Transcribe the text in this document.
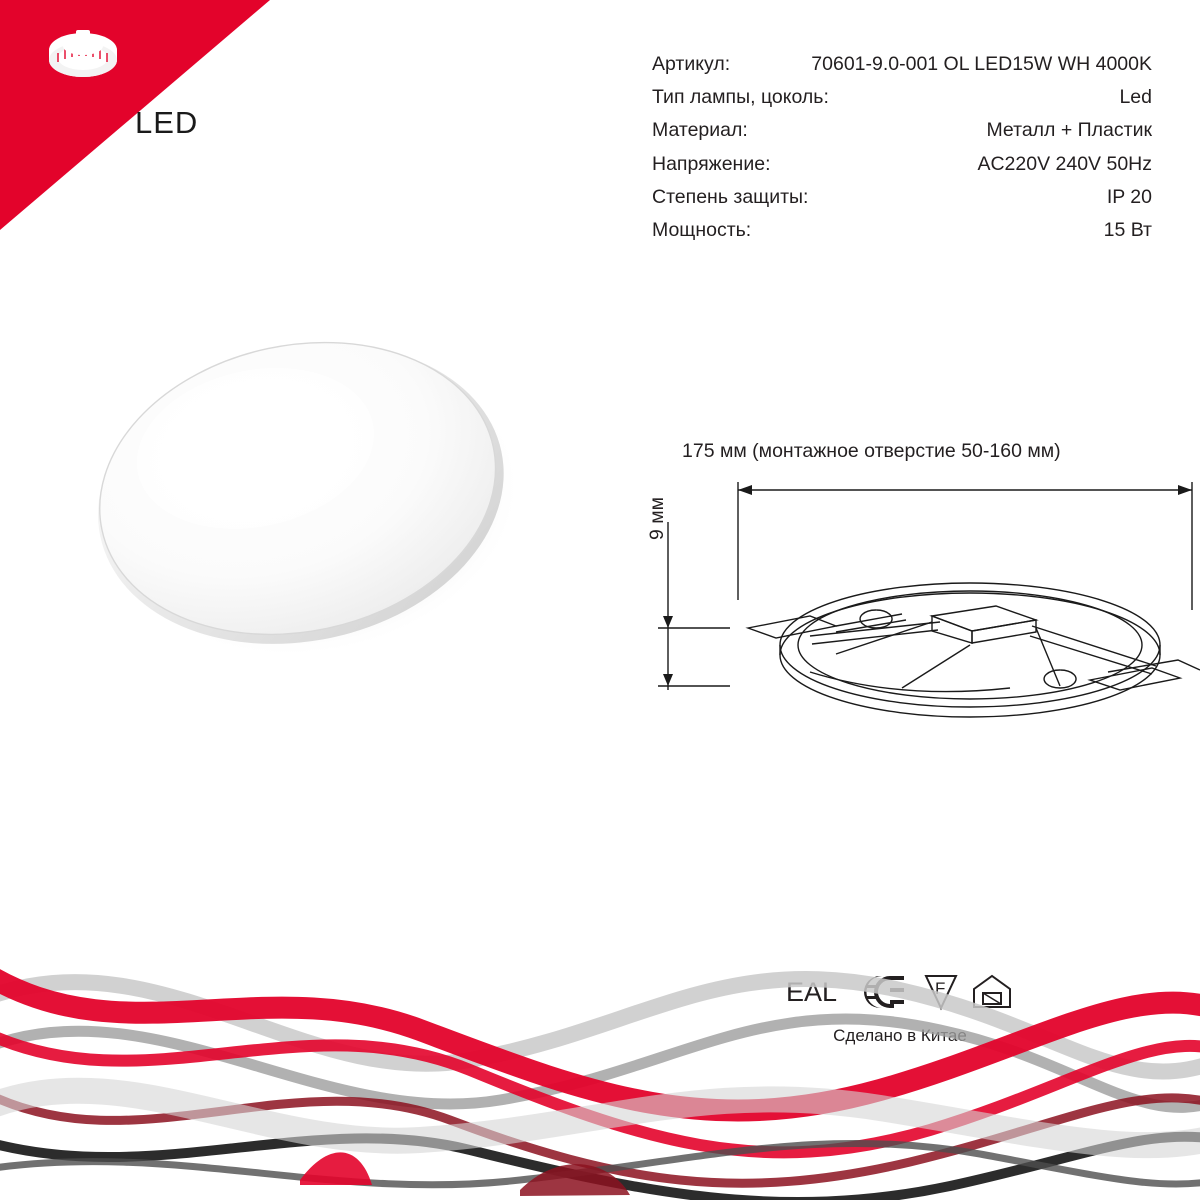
LED
Артикул:	70601-9.0-001 OL LED15W WH 4000K
Тип лампы, цоколь:	Led
Материал:	Металл + Пластик
Напряжение:	AC220V 240V 50Hz
Степень защиты:	IP 20
Мощность:	15 Вт
175 мм (монтажное отверстие 50-160 мм)
9 мм
EAL	F
Сделано в Китае
